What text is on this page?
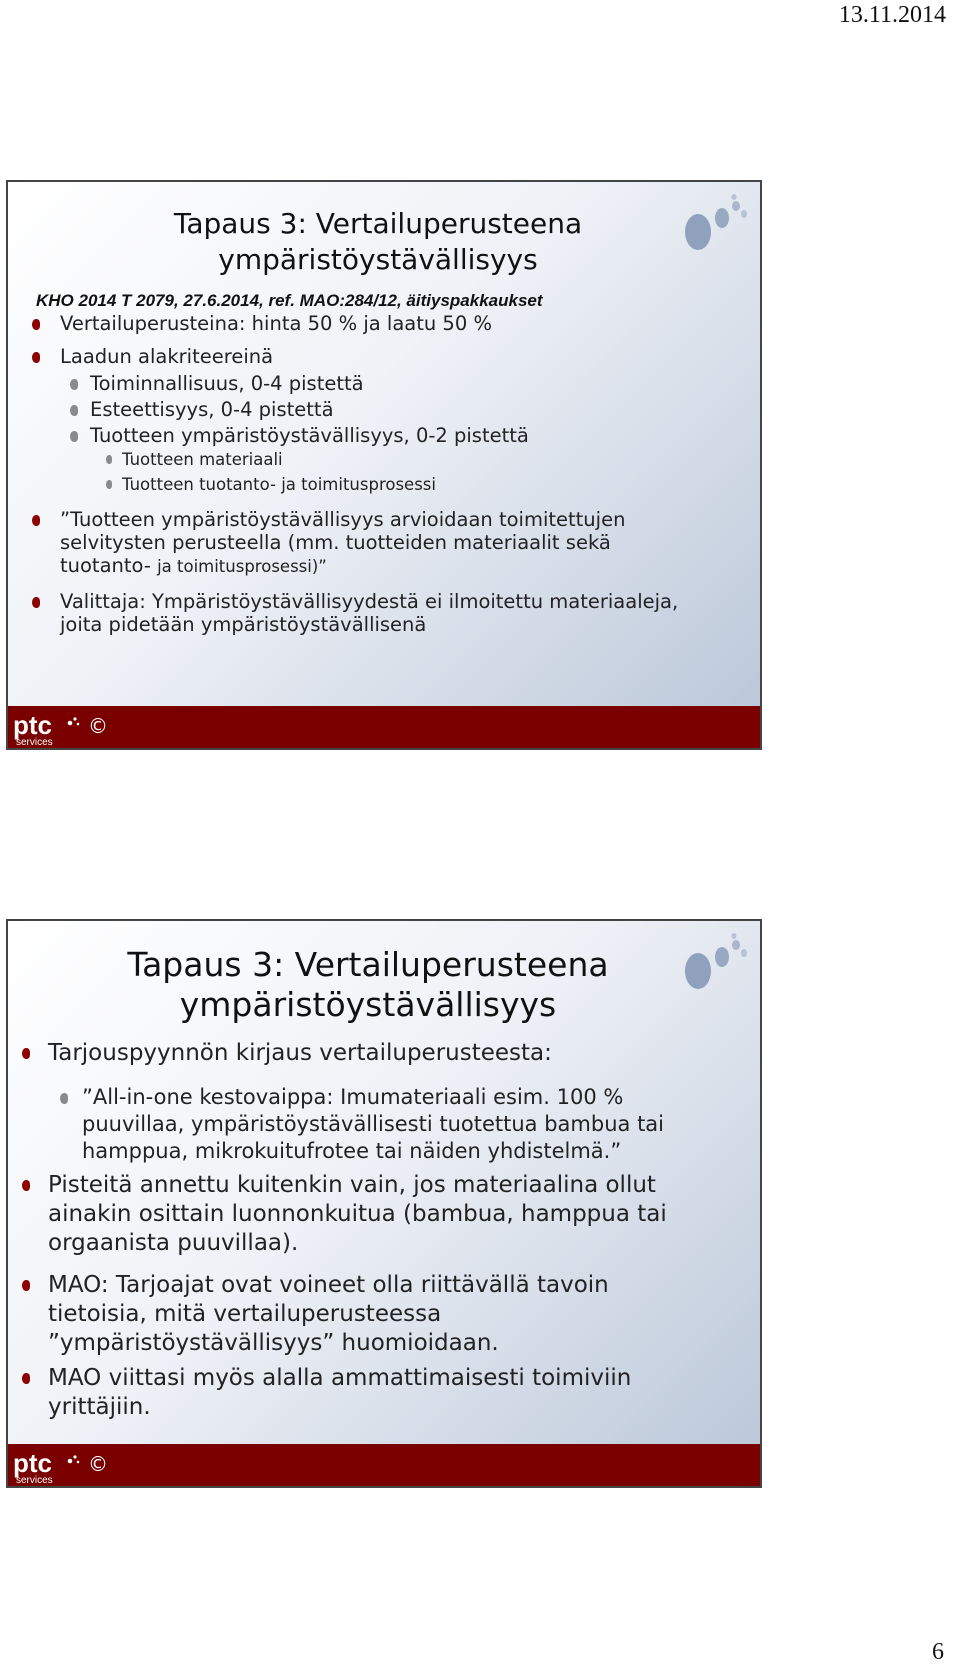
13.11.2014
Tapaus 3: Vertailuperusteena
ympäristöystävällisyys
KHO 2014 T 2079, 27.6.2014, ref. MAO:284/12, äitiyspakkaukset
Vertailuperusteina: hinta 50 % ja laatu 50 %
Laadun alakriteereinä
Toiminnallisuus, 0-4 pistettä
Esteettisyys, 0-4 pistettä
Tuotteen ympäristöystävällisyys, 0-2 pistettä
Tuotteen materiaali
Tuotteen tuotanto- ja toimitusprosessi
”Tuotteen ympäristöystävällisyys arvioidaan toimitettujen
selvitysten perusteella (mm. tuotteiden materiaalit sekä
tuotanto- ja toimitusprosessi)”
Valittaja: Ympäristöystävällisyydestä ei ilmoitettu materiaaleja,
joita pidetään ympäristöystävällisenä
ptc
services
©
Tapaus 3: Vertailuperusteena
ympäristöystävällisyys
Tarjouspyynnön kirjaus vertailuperusteesta:
”All-in-one kestovaippa: Imumateriaali esim. 100 %
puuvillaa, ympäristöystävällisesti tuotettua bambua tai
hamppua, mikrokuitufrotee tai näiden yhdistelmä.”
Pisteitä annettu kuitenkin vain, jos materiaalina ollut
ainakin osittain luonnonkuitua (bambua, hamppua tai
orgaanista puuvillaa).
MAO: Tarjoajat ovat voineet olla riittävällä tavoin
tietoisia, mitä vertailuperusteessa
”ympäristöystävällisyys” huomioidaan.
MAO viittasi myös alalla ammattimaisesti toimiviin
yrittäjiin.
ptc
services
©
6
